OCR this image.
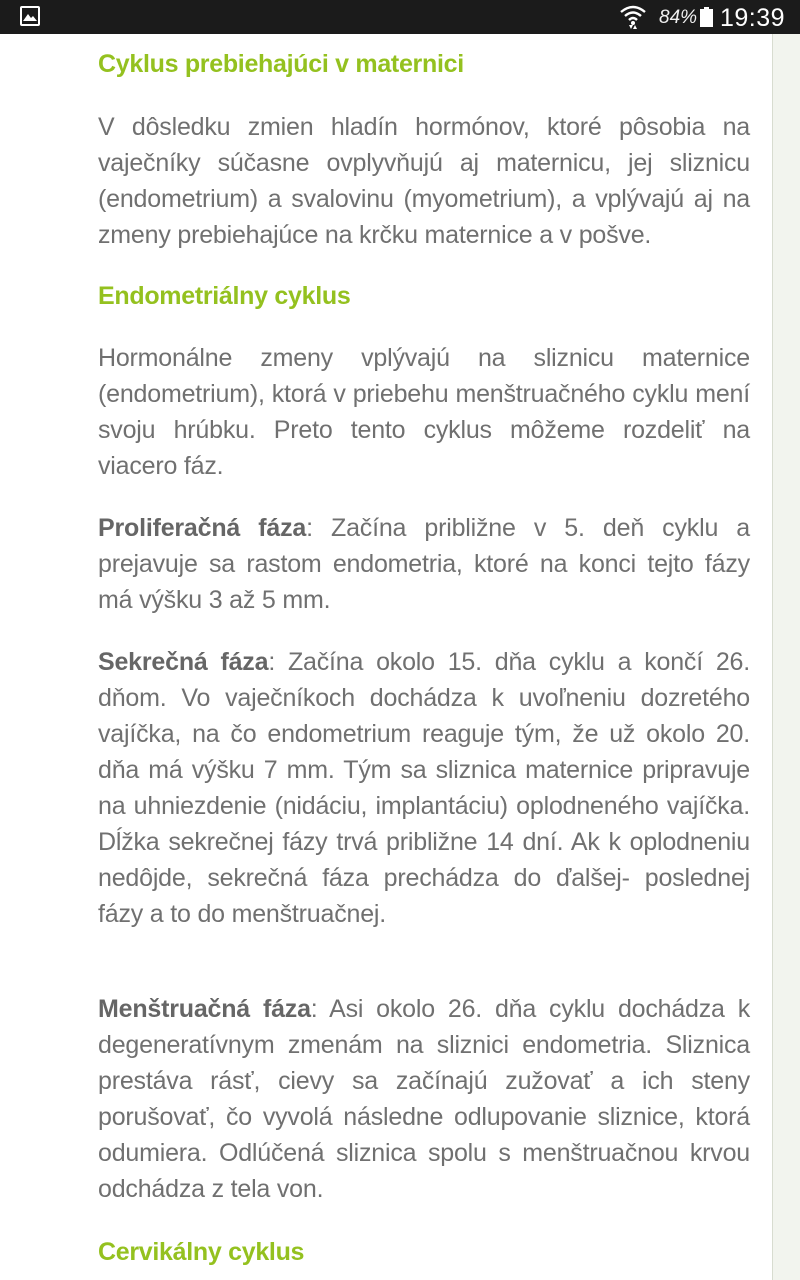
84% 19:39
Cyklus prebiehajúci v maternici

V dôsledku zmien hladín hormónov, ktoré pôsobia na vaječníky súčasne ovplyvňujú aj maternicu, jej sliznicu (endometrium) a svalovinu (myometrium), a vplývajú aj na zmeny prebiehajúce na krčku maternice a v pošve.

Endometriálny cyklus

Hormonálne zmeny vplývajú na sliznicu maternice (endometrium), ktorá v priebehu menštruačného cyklu mení svoju hrúbku. Preto tento cyklus môžeme rozdeliť na viacero fáz.

Proliferačná fáza: Začína približne v 5. deň cyklu a prejavuje sa rastom endometria, ktoré na konci tejto fázy má výšku 3 až 5 mm.

Sekrečná fáza: Začína okolo 15. dňa cyklu a končí 26. dňom. Vo vaječníkoch dochádza k uvoľneniu dozretého vajíčka, na čo endometrium reaguje tým, že už okolo 20. dňa má výšku 7 mm. Tým sa sliznica maternice pripravuje na uhniezdenie (nidáciu, implantáciu) oplodneného vajíčka. Dĺžka sekrečnej fázy trvá približne 14 dní. Ak k oplodneniu nedôjde, sekrečná fáza prechádza do ďalšej- poslednej fázy a to do menštruačnej.

Menštruačná fáza: Asi okolo 26. dňa cyklu dochádza k degeneratívnym zmenám na sliznici endometria. Sliznica prestáva rásť, cievy sa začínajú zužovať a ich steny porušovať, čo vyvolá následne odlupovanie sliznice, ktorá odumiera. Odlúčená sliznica spolu s menštruačnou krvou odchádza z tela von.

Cervikálny cyklus
